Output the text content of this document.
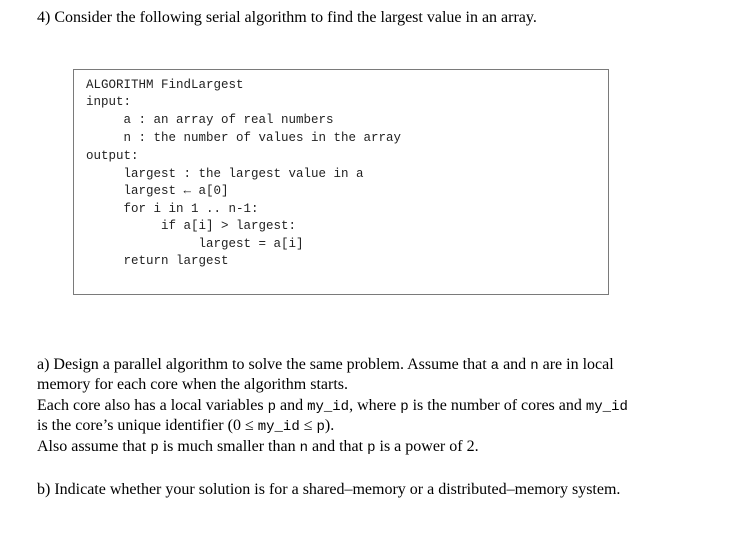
4) Consider the following serial algorithm to find the largest value in an array.
ALGORITHM FindLargest
input:
a : an array of real numbers
n : the number of values in the array
output:
largest : the largest value in a
largest ← a[0]
for i in 1 .. n-1:
if a[i] > largest:
largest = a[i]
return largest
a) Design a parallel algorithm to solve the same problem. Assume that a and n are in local
memory for each core when the algorithm starts.
Each core also has a local variables p and my_id, where p is the number of cores and my_id
is the core’s unique identifier (0 ≤ my_id ≤ p).
Also assume that p is much smaller than n and that p is a power of 2.
b) Indicate whether your solution is for a shared–memory or a distributed–memory system.
